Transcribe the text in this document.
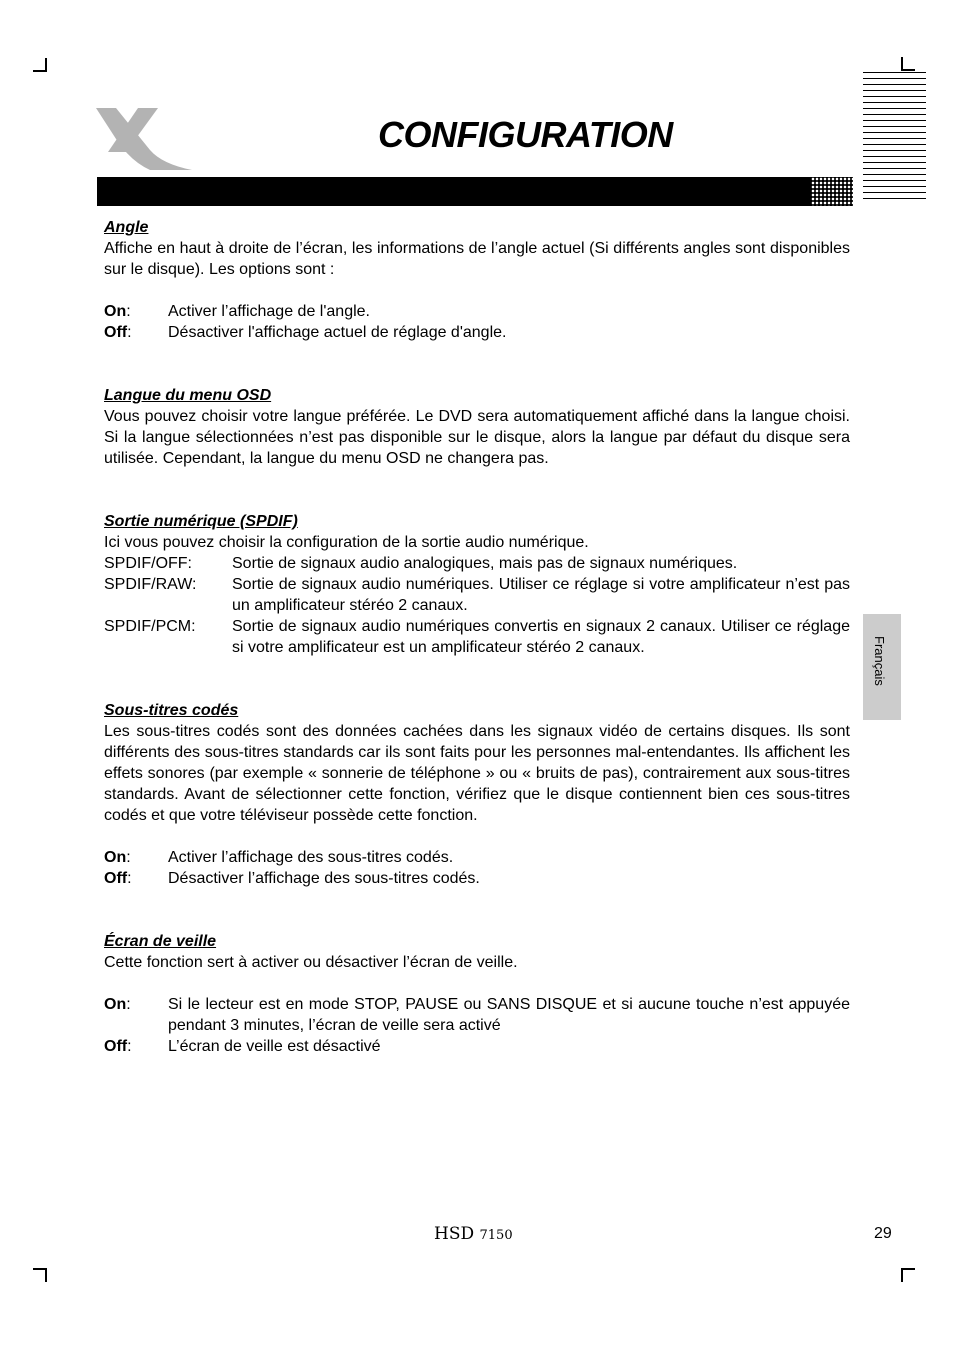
CONFIGURATION
Français
Angle

Affiche en haut à droite de l’écran, les informations de l’angle actuel (Si différents angles sont disponibles sur le disque). Les options sont :

On:	Activer l’affichage de l'angle.
Off:	Désactiver l'affichage actuel de réglage d'angle.
Langue du menu OSD

Vous pouvez choisir votre langue préférée. Le DVD sera automatiquement affiché dans la langue choisi. Si la langue sélectionnées n’est pas disponible sur le disque, alors la langue par défaut du disque sera utilisée. Cependant, la langue du menu OSD ne changera pas.

Sortie numérique (SPDIF)

Ici vous pouvez choisir la configuration de la sortie audio numérique.

SPDIF/OFF:	Sortie de signaux audio analogiques, mais pas de signaux numériques.
SPDIF/RAW:	Sortie de signaux audio numériques. Utiliser ce réglage si votre amplificateur n’est pas un amplificateur stéréo 2 canaux.
SPDIF/PCM:	Sortie de signaux audio numériques convertis en signaux 2 canaux. Utiliser ce réglage si votre amplificateur est un amplificateur stéréo 2 canaux.
Sous-titres codés

Les sous-titres codés sont des données cachées dans les signaux vidéo de certains disques. Ils sont différents des sous-titres standards car ils sont faits pour les personnes mal-entendantes. Ils affichent les effets sonores (par exemple « sonnerie de téléphone » ou « bruits de pas), contrairement aux sous-titres standards. Avant de sélectionner cette fonction, vérifiez que le disque contiennent bien ces sous-titres codés et que votre téléviseur possède cette fonction.

On:	Activer l’affichage des sous-titres codés.
Off:	Désactiver l’affichage des sous-titres codés.
Écran de veille

Cette fonction sert à activer ou désactiver l’écran de veille.

On:	Si le lecteur est en mode STOP, PAUSE ou SANS DISQUE et si aucune touche n’est appuyée pendant 3 minutes, l’écran de veille sera activé
Off:	L’écran de veille est désactivé
HSD 7150	29
